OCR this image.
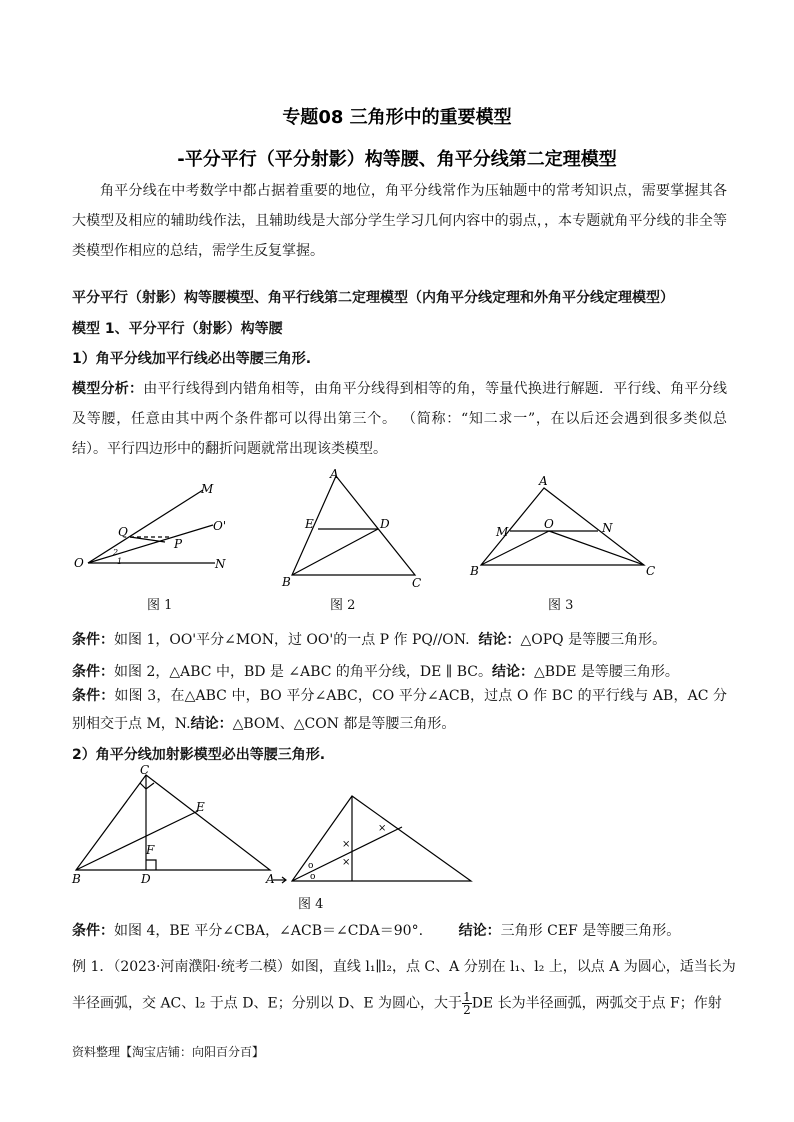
专题08 三角形中的重要模型
-平分平行（平分射影）构等腰、角平分线第二定理模型

角平分线在中考数学中都占据着重要的地位，角平分线常作为压轴题中的常考知识点，需要掌握其各大模型及相应的辅助线作法，且辅助线是大部分学生学习几何内容中的弱点，，本专题就角平分线的非全等类模型作相应的总结，需学生反复掌握。

平分平行（射影）构等腰模型、角平行线第二定理模型（内角平分线定理和外角平分线定理模型）
模型 1、平分平行（射影）构等腰
1）角平分线加平行线必出等腰三角形.

模型分析：由平行线得到内错角相等，由角平分线得到相等的角，等量代换进行解题．平行线、角平分线及等腰，任意由其中两个条件都可以得出第三个。 （简称：“知二求一”，在以后还会遇到很多类似总结）。平行四边形中的翻折问题就常出现该类模型。

M
Q	O'
P
O	N
2
1
图 1
A
E	D
B	C
图 2
A
M
O	N
B	C
图 3
条件：如图 1，OO'平分∠MON，过 OO'的一点 P 作 PQ//ON. 结论：△OPQ 是等腰三角形。
条件：如图 2，△ABC 中，BD 是 ∠ABC 的角平分线，DE ∥ BC。结论：△BDE 是等腰三角形。

条件：如图 3，在△ABC 中，BO 平分∠ABC，CO 平分∠ACB，过点 O 作 BC 的平行线与 AB，AC 分别相交于点 M，N.结论：△BOM、△CON 都是等腰三角形。

2）角平分线加射影模型必出等腰三角形.
C
E
F
B	D	A
×
×
×
o
o
图 4
条件：如图 4，BE 平分∠CBA，∠ACB＝∠CDA＝90°.	结论：三角形 CEF 是等腰三角形。
例 1．（2023·河南濮阳·统考二模）如图，直线 l₁∥l₂，点 C、A 分别在 l₁、l₂ 上，以点 A 为圆心，适当长为
半径画弧，交 AC、l₂ 于点 D、E；分别以 D、E 为圆心，大于 $\frac{1}{2}$ DE 长为半径画弧，两弧交于点 F；作射
资料整理【淘宝店铺：向阳百分百】
